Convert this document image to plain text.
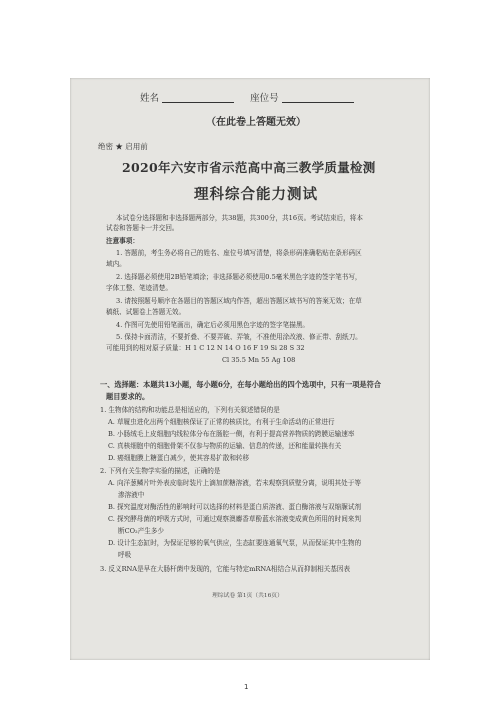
姓名	座位号
（在此卷上答题无效）
绝密 ★ 启用前
2020年六安市省示范高中高三教学质量检测
理科综合能力测试
本试卷分选择题和非选择题两部分，共38题，共300分，共16页。考试结束后，将本
试卷和答题卡一并交回。
注意事项：
1. 答题前，考生务必将自己的姓名、座位号填写清楚，将条形码准确粘贴在条形码区
域内。
2. 选择题必须使用2B铅笔填涂；非选择题必须使用0.5毫米黑色字迹的签字笔书写，
字体工整、笔迹清楚。
3. 请按照题号顺序在各题目的答题区域内作答，超出答题区域书写的答案无效；在草
稿纸、试题卷上答题无效。
4. 作图可先使用铅笔画出，确定后必须用黑色字迹的签字笔描黑。
5. 保持卡面清洁，不要折叠、不要弄破、弄皱，不准使用涂改液、修正带、刮纸刀。
可能用到的相对原子质量：H 1 C 12 N 14 O 16 F 19 Si 28 S 32
Cl 35.5 Mn 55 Ag 108
一、选择题：本题共13小题，每小题6分，在每小题给出的四个选项中，只有一项是符合
题目要求的。
1. 生物体的结构和功能总是相适应的，下列有关叙述错误的是
A. 草履虫进化出两个细胞核保证了正常的核质比，有利于生命活动的正常进行
B. 小肠绒毛上皮细胞内线粒体分布在肠腔一侧，有利于提高营养物质的跨膜运输速率
C. 真核细胞中的细胞骨架不仅参与物质的运输、信息的传递，还和能量转换有关
D. 癌细胞膜上糖蛋白减少，使其容易扩散和转移
2. 下列有关生物学实验的描述，正确的是
A. 向洋葱鳞片叶外表皮临时装片上滴加蔗糖溶液，若未观察到质壁分离，说明其处于等
渗溶液中
B. 探究温度对酶活性的影响时可以选择的材料是蛋白质溶液、蛋白酶溶液与双缩脲试剂
C. 探究酵母菌的呼吸方式时，可通过观察澳麝香草酚蓝水溶液变成黄色所用的时间来判
断CO₂产生多少
D. 设计生态缸时，为保证足够的氧气供应，生态缸要连通氧气泵，从而保证其中生物的
呼吸
3. 反义RNA是早在大肠杆菌中发现的，它能与特定mRNA相结合从而抑制相关基因表
理综试卷 第1页（共16页）
1
